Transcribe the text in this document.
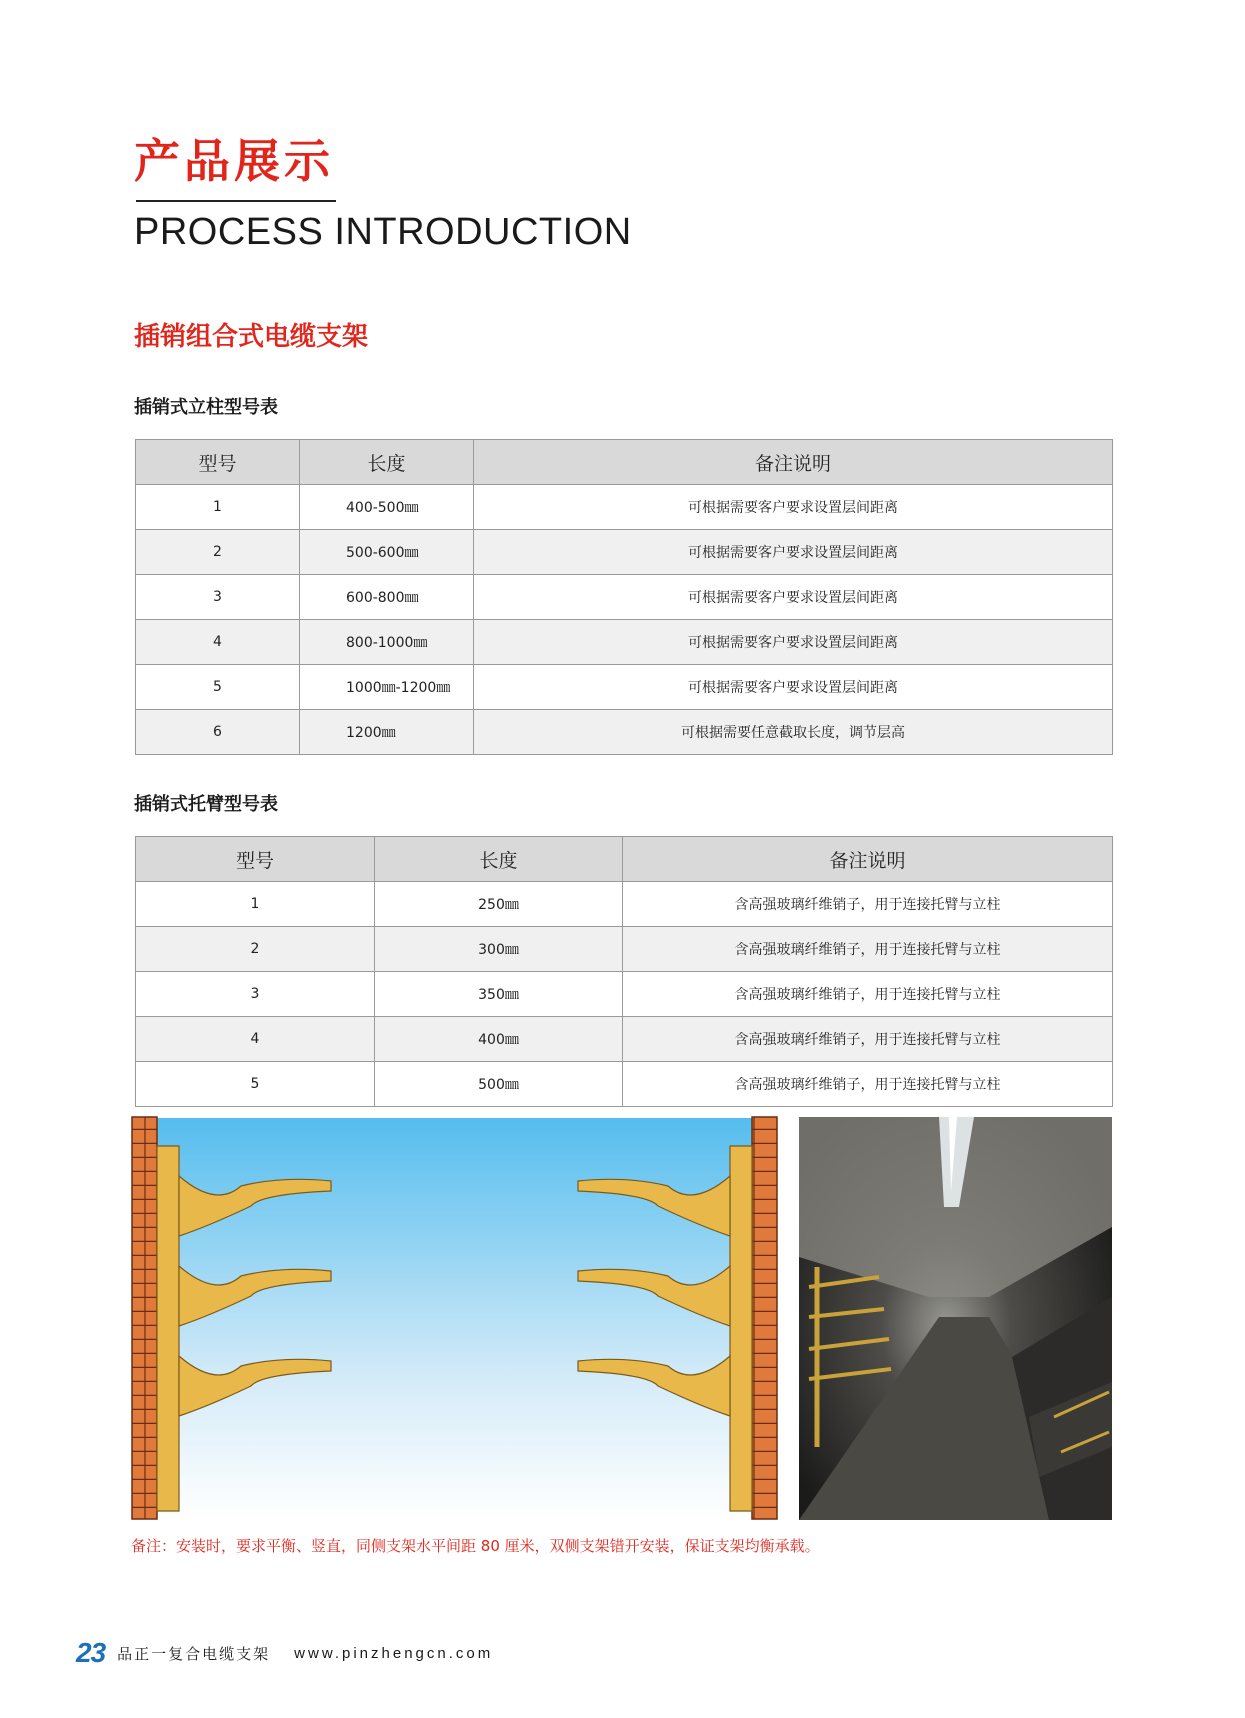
产品展示
PROCESS INTRODUCTION
插销组合式电缆支架

插销式立柱型号表

型号	长度	备注说明
1	400-500㎜	可根据需要客户要求设置层间距离
2	500-600㎜	可根据需要客户要求设置层间距离
3	600-800㎜	可根据需要客户要求设置层间距离
4	800-1000㎜	可根据需要客户要求设置层间距离
5	1000㎜-1200㎜	可根据需要客户要求设置层间距离
6	1200㎜	可根据需要任意截取长度，调节层高

插销式托臂型号表

型号	长度	备注说明
1	250㎜	含高强玻璃纤维销子，用于连接托臂与立柱
2	300㎜	含高强玻璃纤维销子，用于连接托臂与立柱
3	350㎜	含高强玻璃纤维销子，用于连接托臂与立柱
4	400㎜	含高强玻璃纤维销子，用于连接托臂与立柱
5	500㎜	含高强玻璃纤维销子，用于连接托臂与立柱

备注：安装时，要求平衡、竖直，同侧支架水平间距 80 厘米，双侧支架错开安装，保证支架均衡承载。

23 品正一复合电缆支架 www.pinzhengcn.com
